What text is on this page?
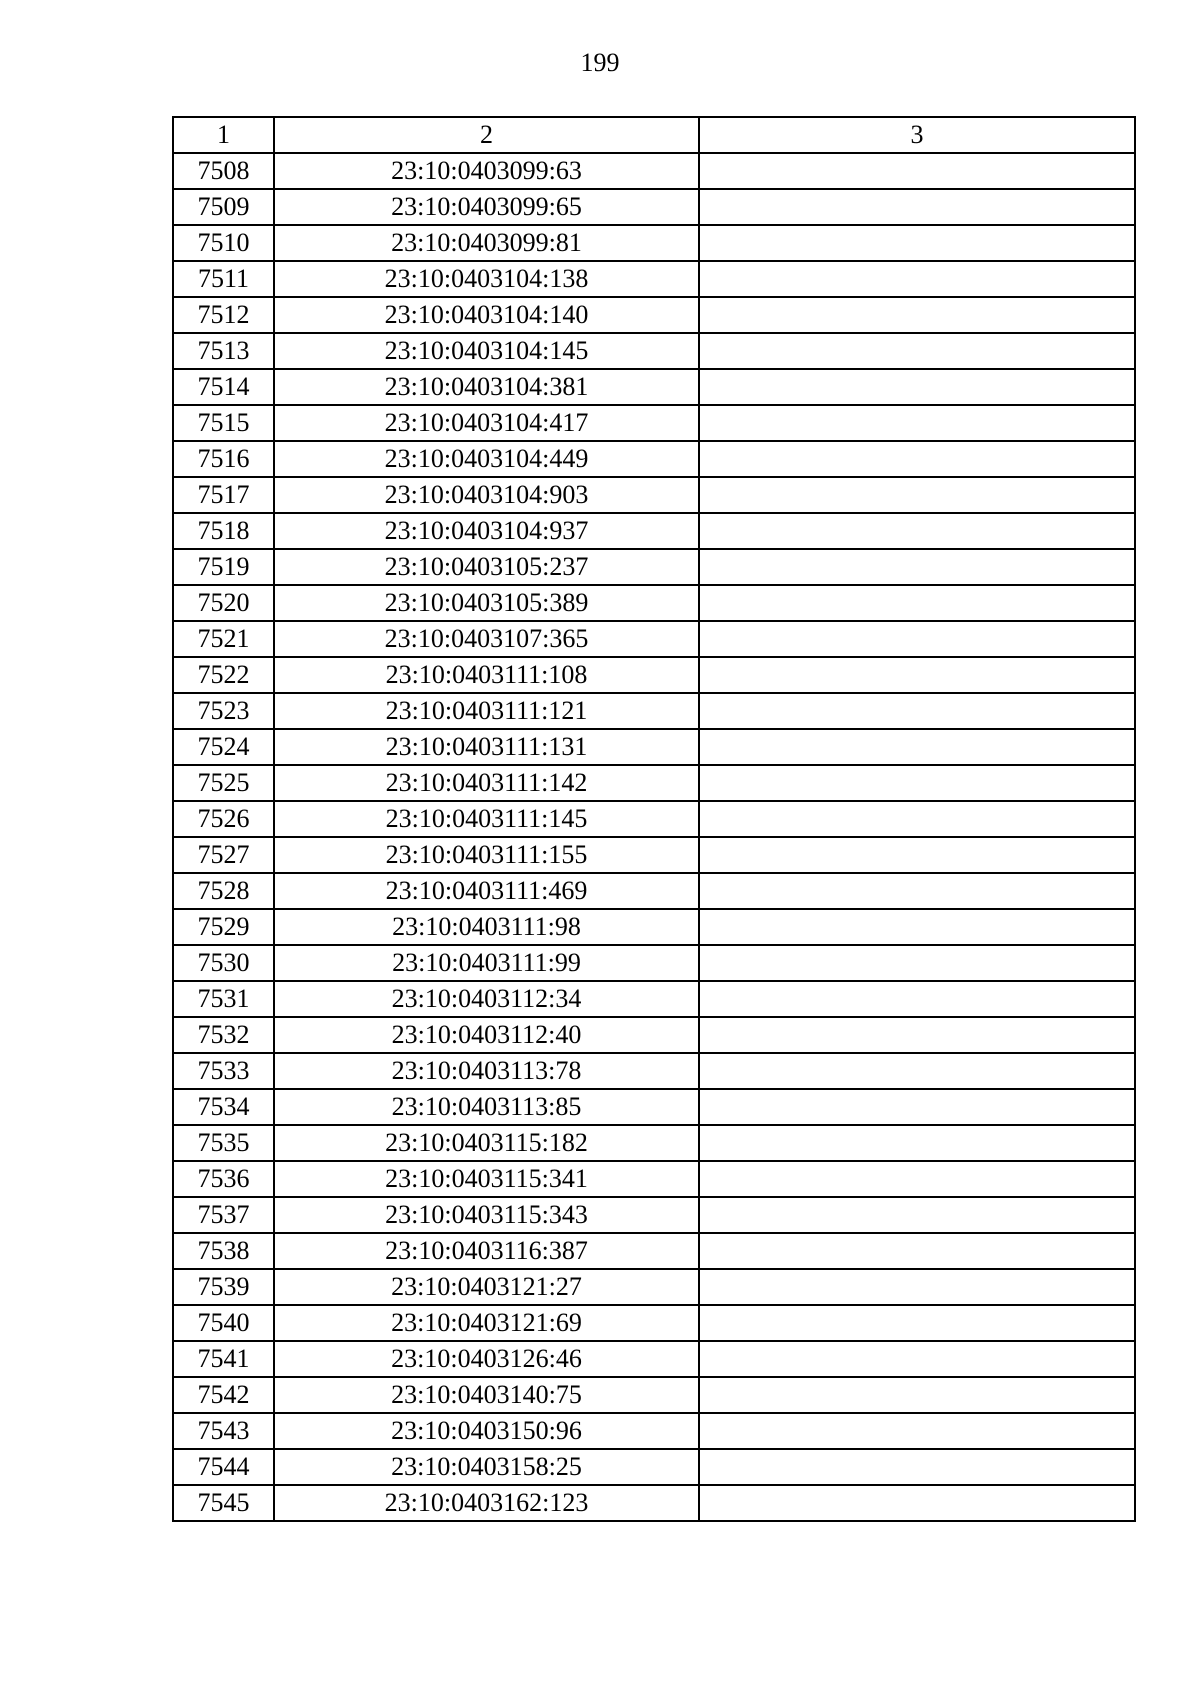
199
1	2	3
7508	23:10:0403099:63	
7509	23:10:0403099:65	
7510	23:10:0403099:81	
7511	23:10:0403104:138	
7512	23:10:0403104:140	
7513	23:10:0403104:145	
7514	23:10:0403104:381	
7515	23:10:0403104:417	
7516	23:10:0403104:449	
7517	23:10:0403104:903	
7518	23:10:0403104:937	
7519	23:10:0403105:237	
7520	23:10:0403105:389	
7521	23:10:0403107:365	
7522	23:10:0403111:108	
7523	23:10:0403111:121	
7524	23:10:0403111:131	
7525	23:10:0403111:142	
7526	23:10:0403111:145	
7527	23:10:0403111:155	
7528	23:10:0403111:469	
7529	23:10:0403111:98	
7530	23:10:0403111:99	
7531	23:10:0403112:34	
7532	23:10:0403112:40	
7533	23:10:0403113:78	
7534	23:10:0403113:85	
7535	23:10:0403115:182	
7536	23:10:0403115:341	
7537	23:10:0403115:343	
7538	23:10:0403116:387	
7539	23:10:0403121:27	
7540	23:10:0403121:69	
7541	23:10:0403126:46	
7542	23:10:0403140:75	
7543	23:10:0403150:96	
7544	23:10:0403158:25	
7545	23:10:0403162:123	
